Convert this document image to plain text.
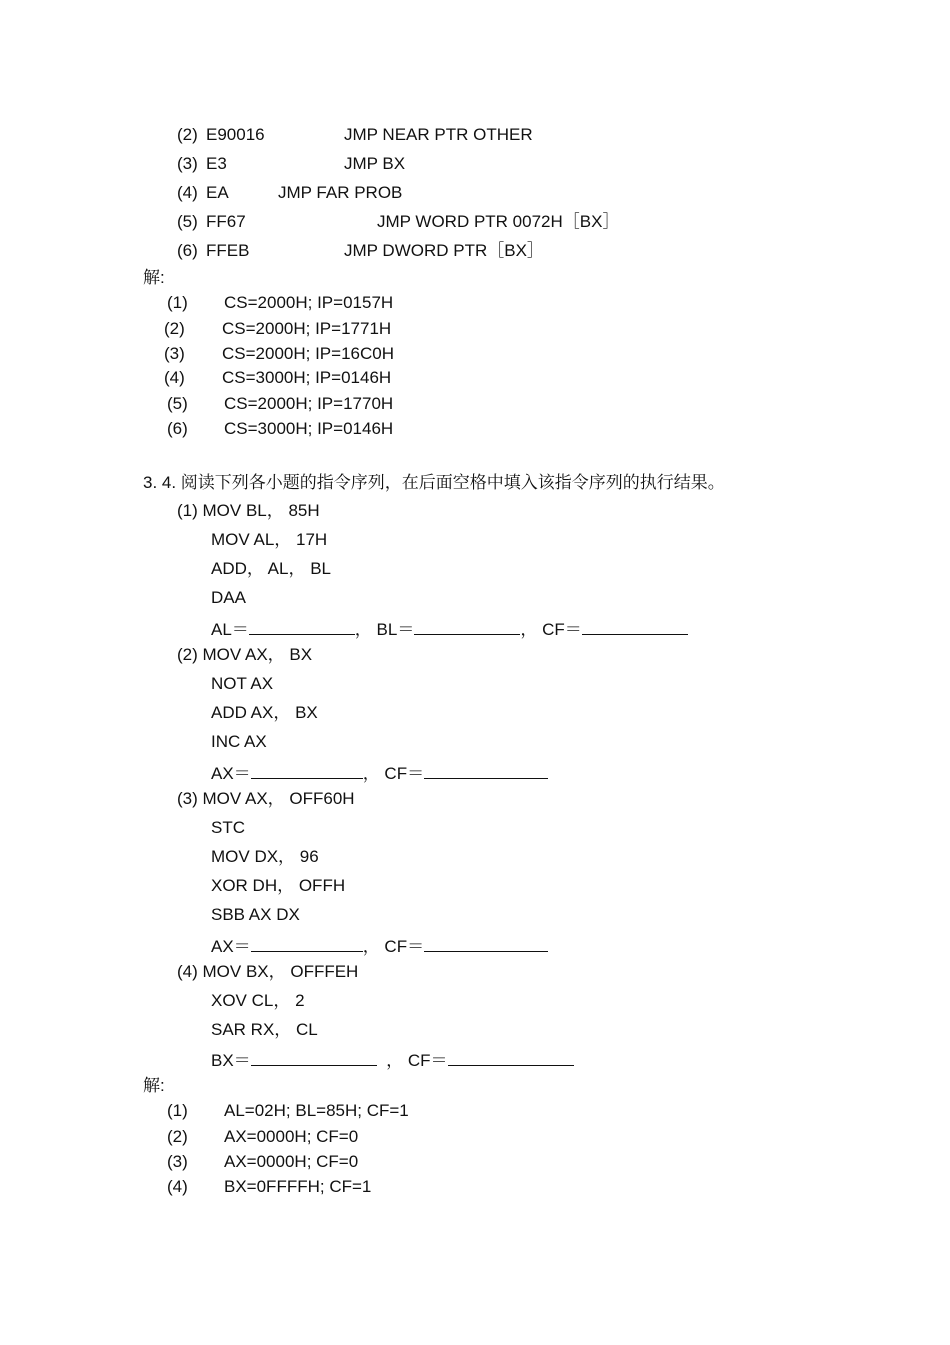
(2) E90016	JMP NEAR PTR OTHER
(3) E3	JMP BX
(4) EA	JMP FAR PROB
(5) FF67	JMP WORD PTR 0072H［BX］
(6) FFEB	JMP DWORD PTR［BX］
解:
(1) CS=2000H; IP=0157H
(2) CS=2000H; IP=1771H
(3) CS=2000H; IP=16C0H
(4) CS=3000H; IP=0146H
(5) CS=2000H; IP=1770H
(6) CS=3000H; IP=0146H
3. 4. 阅读下列各小题的指令序列，在后面空格中填入该指令序列的执行结果。
(1) MOV BL， 85H
MOV AL， 17H
ADD， AL， BL
DAA
AL＝	， BL＝	， CF＝
(2) MOV AX， BX
NOT AX
ADD AX， BX
INC AX
AX＝	， CF＝
(3) MOV AX， OFF60H
STC
MOV DX， 96
XOR DH， OFFH
SBB AX DX
AX＝	， CF＝
(4) MOV BX， OFFFEH
XOV CL， 2
SAR RX， CL
BX＝	， CF＝
解:
(1) AL=02H; BL=85H; CF=1
(2) AX=0000H; CF=0
(3) AX=0000H; CF=0
(4) BX=0FFFFH; CF=1
